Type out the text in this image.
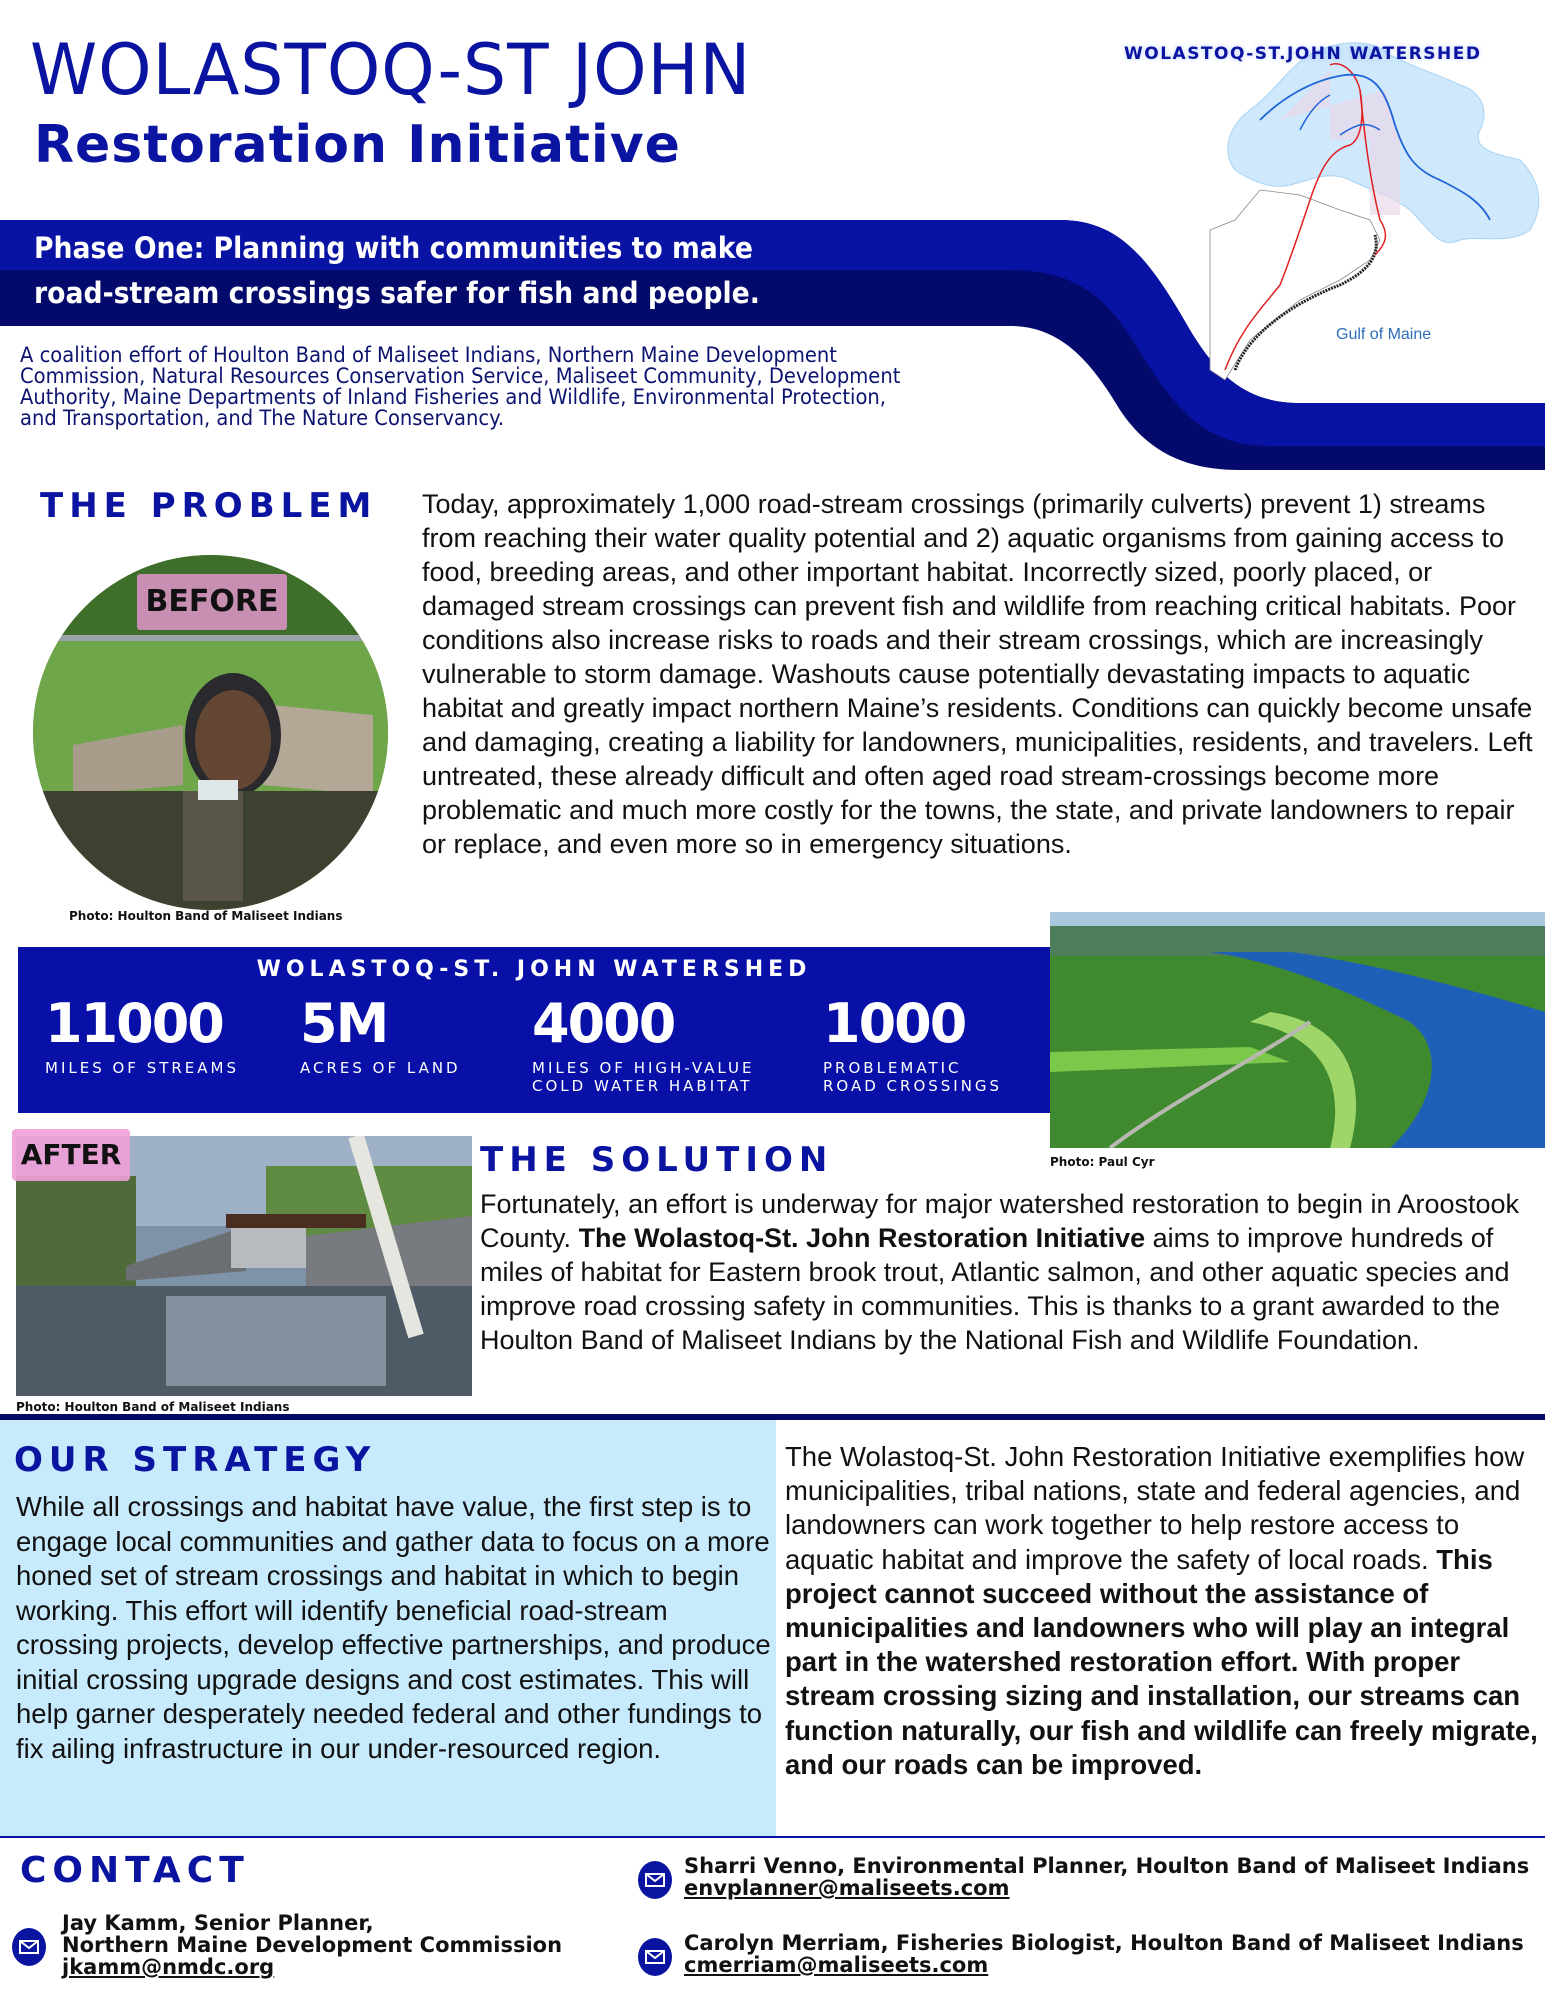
WOLASTOQ-ST JOHN
Restoration Initiative
Phase One: Planning with communities to make
road-stream crossings safer for fish and people.
A coalition effort of Houlton Band of Maliseet Indians, Northern Maine Development Commission, Natural Resources Conservation Service, Maliseet Community, Development Authority, Maine Departments of Inland Fisheries and Wildlife, Environmental Protection, and Transportation, and The Nature Conservancy.
WOLASTOQ-ST.JOHN WATERSHED
Gulf of Maine
THE PROBLEM
BEFORE
Photo: Houlton Band of Maliseet Indians
Today, approximately 1,000 road-stream crossings (primarily culverts) prevent 1) streams from reaching their water quality potential and 2) aquatic organisms from gaining access to food, breeding areas, and other important habitat. Incorrectly sized, poorly placed, or damaged stream crossings can prevent fish and wildlife from reaching critical habitats. Poor conditions also increase risks to roads and their stream crossings, which are increasingly vulnerable to storm damage. Washouts cause potentially devastating impacts to aquatic habitat and greatly impact northern Maine’s residents. Conditions can quickly become unsafe and damaging, creating a liability for landowners, municipalities, residents, and travelers. Left untreated, these already difficult and often aged road stream-crossings become more problematic and much more costly for the towns, the state, and private landowners to repair or replace, and even more so in emergency situations.
WOLASTOQ-ST. JOHN WATERSHED
11000
MILES OF STREAMS
5M
ACRES OF LAND
4000
MILES OF HIGH-VALUE
COLD WATER HABITAT
1000
PROBLEMATIC
ROAD CROSSINGS
Photo: Paul Cyr
AFTER
Photo: Houlton Band of Maliseet Indians
THE SOLUTION
Fortunately, an effort is underway for major watershed restoration to begin in Aroostook County. The Wolastoq-St. John Restoration Initiative aims to improve hundreds of miles of habitat for Eastern brook trout, Atlantic salmon, and other aquatic species and improve road crossing safety in communities. This is thanks to a grant awarded to the Houlton Band of Maliseet Indians by the National Fish and Wildlife Foundation.
OUR STRATEGY
While all crossings and habitat have value, the first step is to engage local communities and gather data to focus on a more honed set of stream crossings and habitat in which to begin working. This effort will identify beneficial road-stream crossing projects, develop effective partnerships, and produce initial crossing upgrade designs and cost estimates. This will help garner desperately needed federal and other fundings to fix ailing infrastructure in our under-resourced region.
The Wolastoq-St. John Restoration Initiative exemplifies how municipalities, tribal nations, state and federal agencies, and landowners can work together to help restore access to aquatic habitat and improve the safety of local roads. This project cannot succeed without the assistance of municipalities and landowners who will play an integral part in the watershed restoration effort. With proper stream crossing sizing and installation, our streams can function naturally, our fish and wildlife can freely migrate, and our roads can be improved.
CONTACT
Jay Kamm, Senior Planner,
Northern Maine Development Commission
jkamm@nmdc.org
Sharri Venno, Environmental Planner, Houlton Band of Maliseet Indians
envplanner@maliseets.com
Carolyn Merriam, Fisheries Biologist, Houlton Band of Maliseet Indians
cmerriam@maliseets.com
